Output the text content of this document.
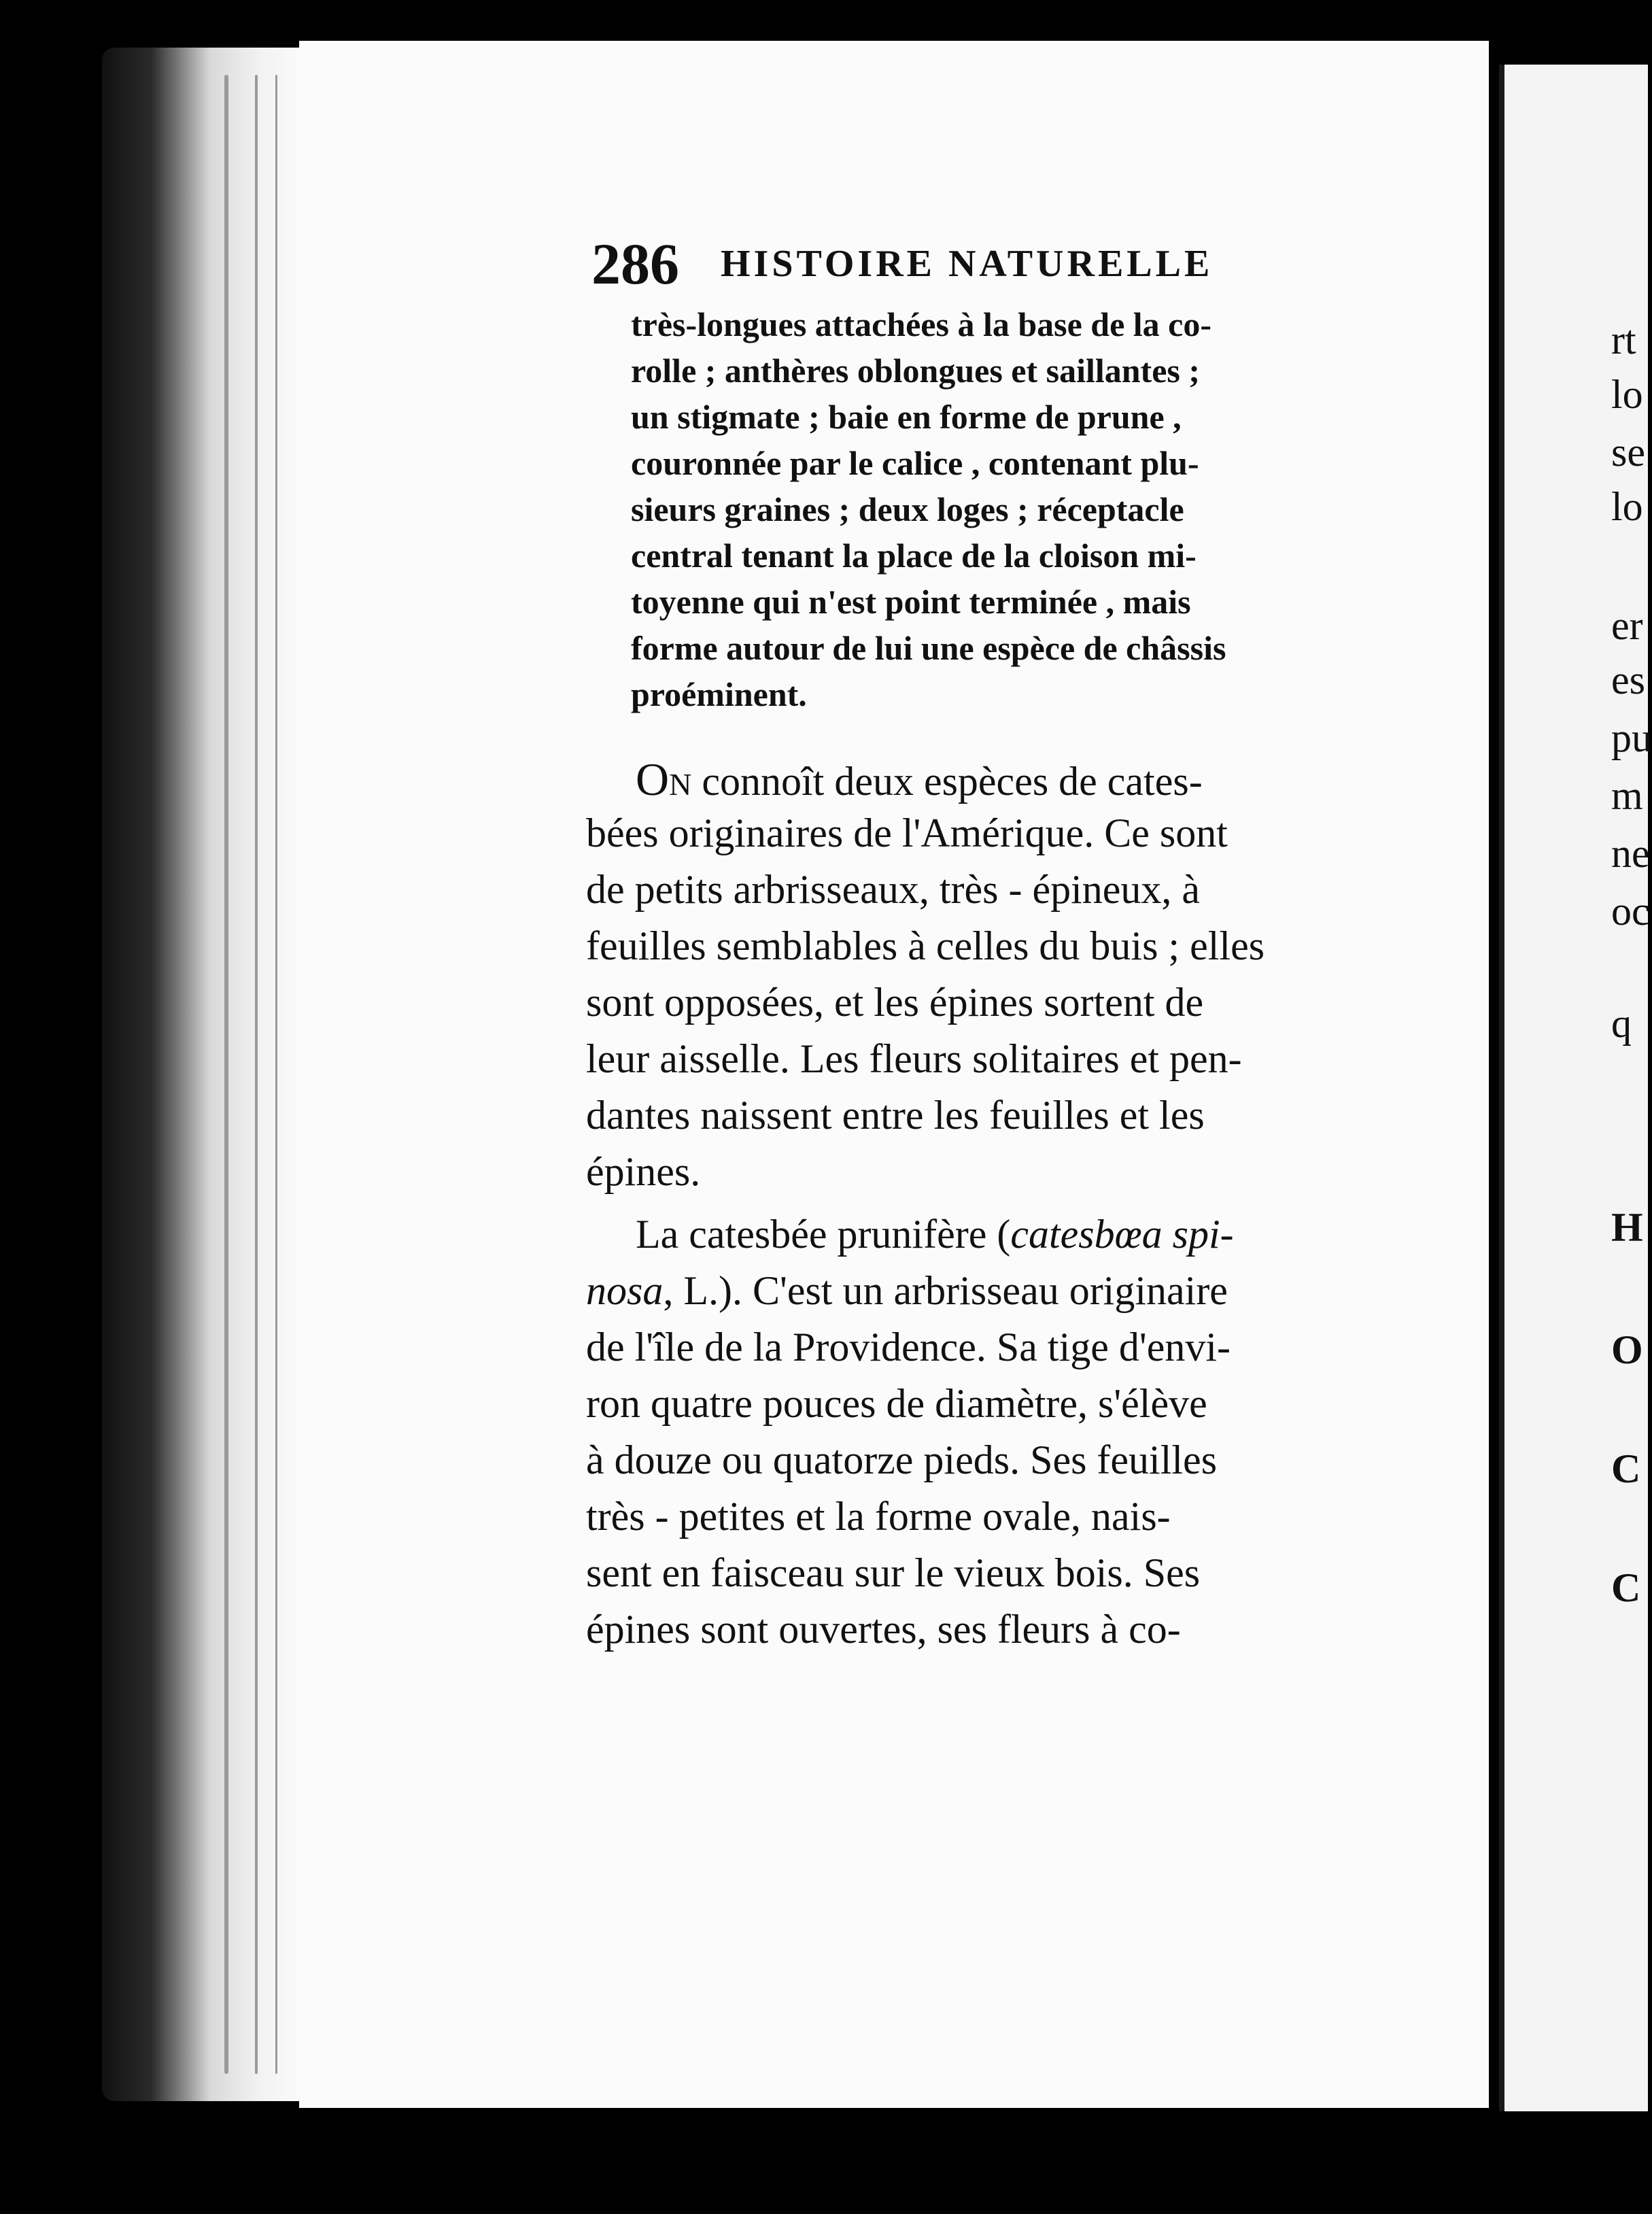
286 HISTOIRE NATURELLE
très-longues attachées à la base de la co-
rolle ; anthères oblongues et saillantes ;
un stigmate ; baie en forme de prune ,
couronnée par le calice , contenant plu-
sieurs graines ; deux loges ; réceptacle
central tenant la place de la cloison mi-
toyenne qui n'est point terminée , mais
forme autour de lui une espèce de châssis
proéminent.
ON connoît deux espèces de cates-
bées originaires de l'Amérique. Ce sont
de petits arbrisseaux, très - épineux, à
feuilles semblables à celles du buis ; elles
sont opposées, et les épines sortent de
leur aisselle. Les fleurs solitaires et pen-
dantes naissent entre les feuilles et les
épines.
La catesbée prunifère (catesbœa spi-
nosa, L.). C'est un arbrisseau originaire
de l'île de la Providence. Sa tige d'envi-
ron quatre pouces de diamètre, s'élève
à douze ou quatorze pieds. Ses feuilles
très - petites et la forme ovale, nais-
sent en faisceau sur le vieux bois. Ses
épines sont ouvertes, ses fleurs à co-
rt
lo
se
lo
er
es
pu
m
ne
oc
q
H
O
C
C
